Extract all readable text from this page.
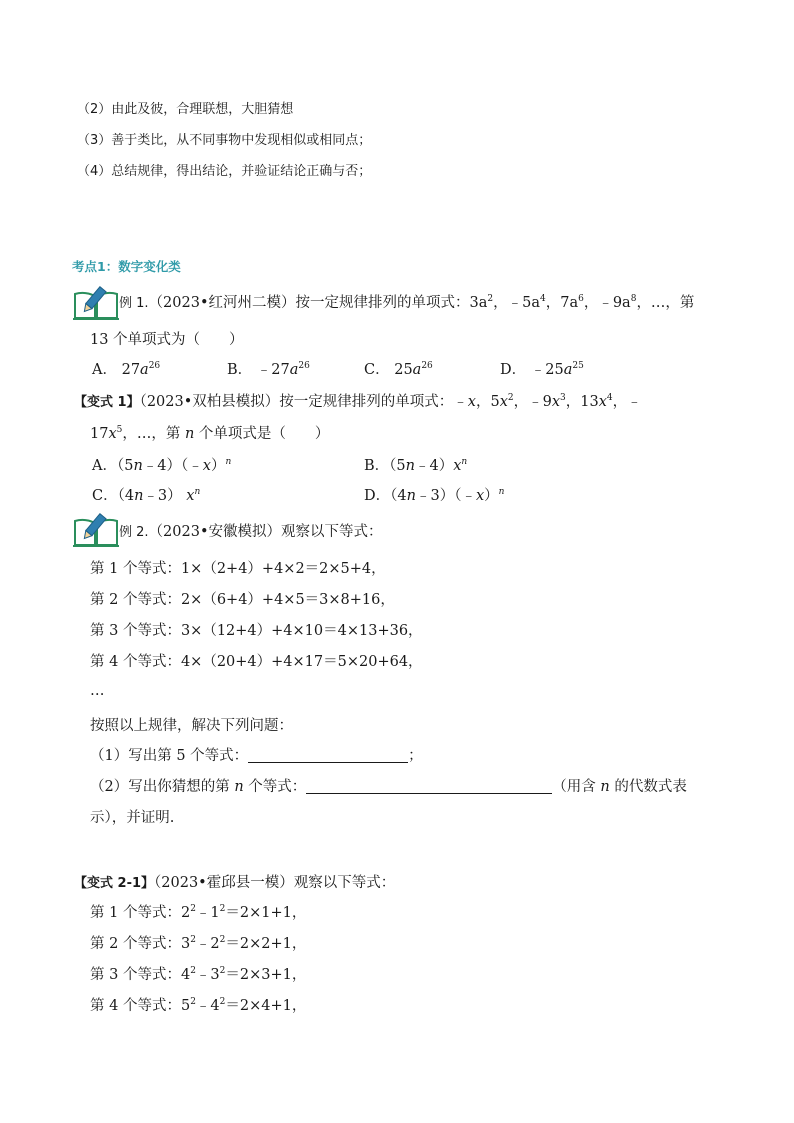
（2）由此及彼，合理联想，大胆猜想
（3）善于类比，从不同事物中发现相似或相同点；
（4）总结规律，得出结论，并验证结论正确与否；
考点1：数字变化类
例 1.（2023•红河州二模）按一定规律排列的单项式：$3a^2$，$﹣5a^4$，$7a^6$，$﹣9a^8$，…，第
13 个单项式为（　　）
A． $27a^{26}$	B． $﹣27a^{26}$	C． $25a^{26}$	D． $﹣25a^{25}$
【变式 1】（2023•双柏县模拟）按一定规律排列的单项式：﹣x，$5x^2$，$﹣9x^3$，$13x^4$，﹣
$17x^5$，…，第 n 个单项式是（　　）
A．（5n﹣4）（﹣x）$^n$	B．$(5n﹣4)x^n$
C．（4n﹣3） $x^n$	D．（4n﹣3）（﹣x）$^n$
例 2.（2023•安徽模拟）观察以下等式：
第 1 个等式：1×（2+4）+4×2＝2×5+4，
第 2 个等式：2×（6+4）+4×5＝3×8+16，
第 3 个等式：3×（12+4）+4×10＝4×13+36，
第 4 个等式：4×（20+4）+4×17＝5×20+64，
…
按照以上规律，解决下列问题：
（1）写出第 5 个等式：	；
（2）写出你猜想的第 n 个等式：	（用含 n 的代数式表
示），并证明.
【变式 2-1】（2023•霍邱县一模）观察以下等式：
第 1 个等式：$2^2﹣1^2=2\times 1+1$，
第 2 个等式：$3^2﹣2^2=2\times 2+1$，
第 3 个等式：$4^2﹣3^2=2\times 3+1$，
第 4 个等式：$5^2﹣4^2=2\times 4+1$，
